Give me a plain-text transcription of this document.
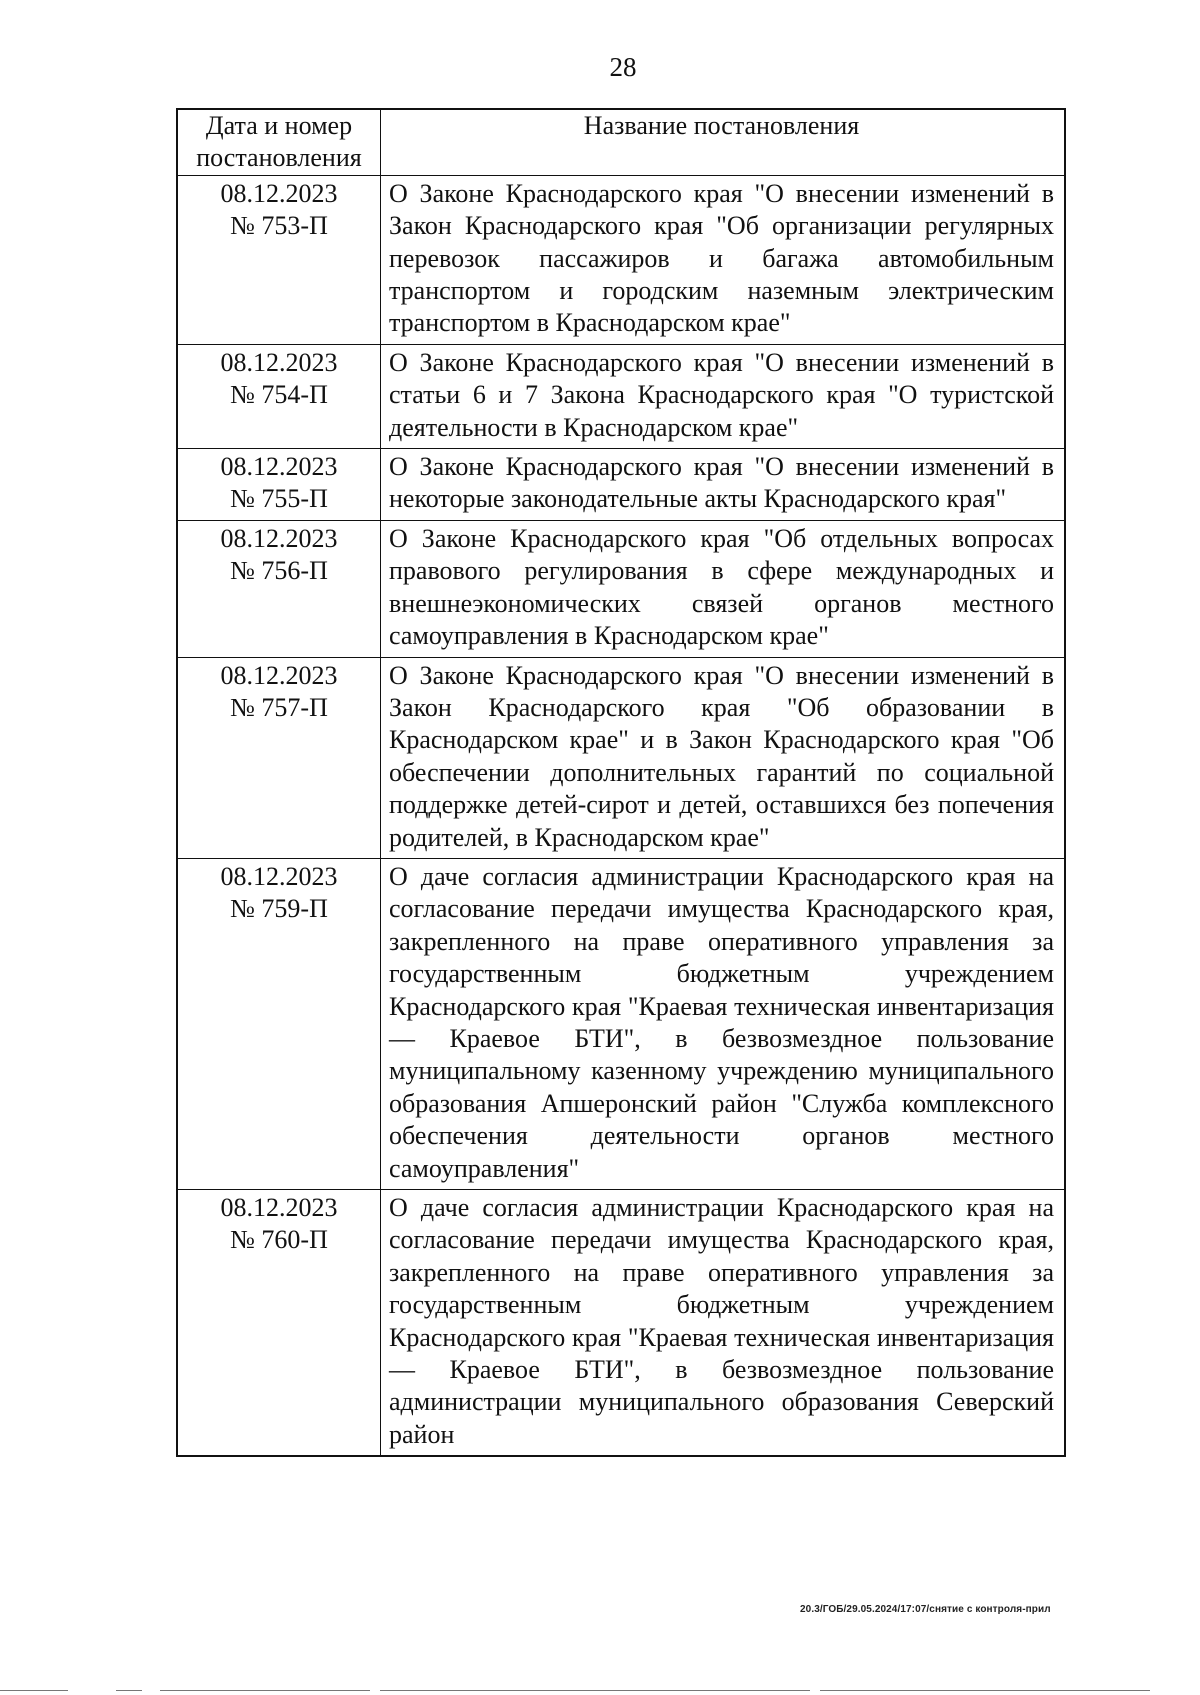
28
Дата и номер постановления	Название постановления

08.12.2023
№ 753-П	О Законе Краснодарского края "О внесении изменений в Закон Краснодарского края "Об организации регулярных перевозок пассажиров и багажа автомобильным транспортом и городским наземным электрическим транспортом в Краснодарском крае"

08.12.2023
№ 754-П	О Законе Краснодарского края "О внесении изменений в статьи 6 и 7 Закона Краснодарского края "О туристской деятельности в Краснодарском крае"

08.12.2023
№ 755-П	О Законе Краснодарского края "О внесении изменений в некоторые законодательные акты Краснодарского края"

08.12.2023
№ 756-П	О Законе Краснодарского края "Об отдельных вопросах правового регулирования в сфере международных и внешнеэкономических связей органов местного самоуправления в Краснодарском крае"

08.12.2023
№ 757-П	О Законе Краснодарского края "О внесении изменений в Закон Краснодарского края "Об образовании в Краснодарском крае" и в Закон Краснодарского края "Об обеспечении дополнительных гарантий по социальной поддержке детей-сирот и детей, оставшихся без попечения родителей, в Краснодарском крае"

08.12.2023
№ 759-П	О даче согласия администрации Краснодарского края на согласование передачи имущества Краснодарского края, закрепленного на праве оперативного управления за государственным бюджетным учреждением Краснодарского края "Краевая техническая инвентаризация — Краевое БТИ", в безвозмездное пользование муниципальному казенному учреждению муниципального образования Апшеронский район "Служба комплексного обеспечения деятельности органов местного самоуправления"

08.12.2023
№ 760-П	О даче согласия администрации Краснодарского края на согласование передачи имущества Краснодарского края, закрепленного на праве оперативного управления за государственным бюджетным учреждением Краснодарского края "Краевая техническая инвентаризация — Краевое БТИ", в безвозмездное пользование администрации муниципального образования Северский район
20.3/ГОБ/29.05.2024/17:07/снятие с контроля-прил
